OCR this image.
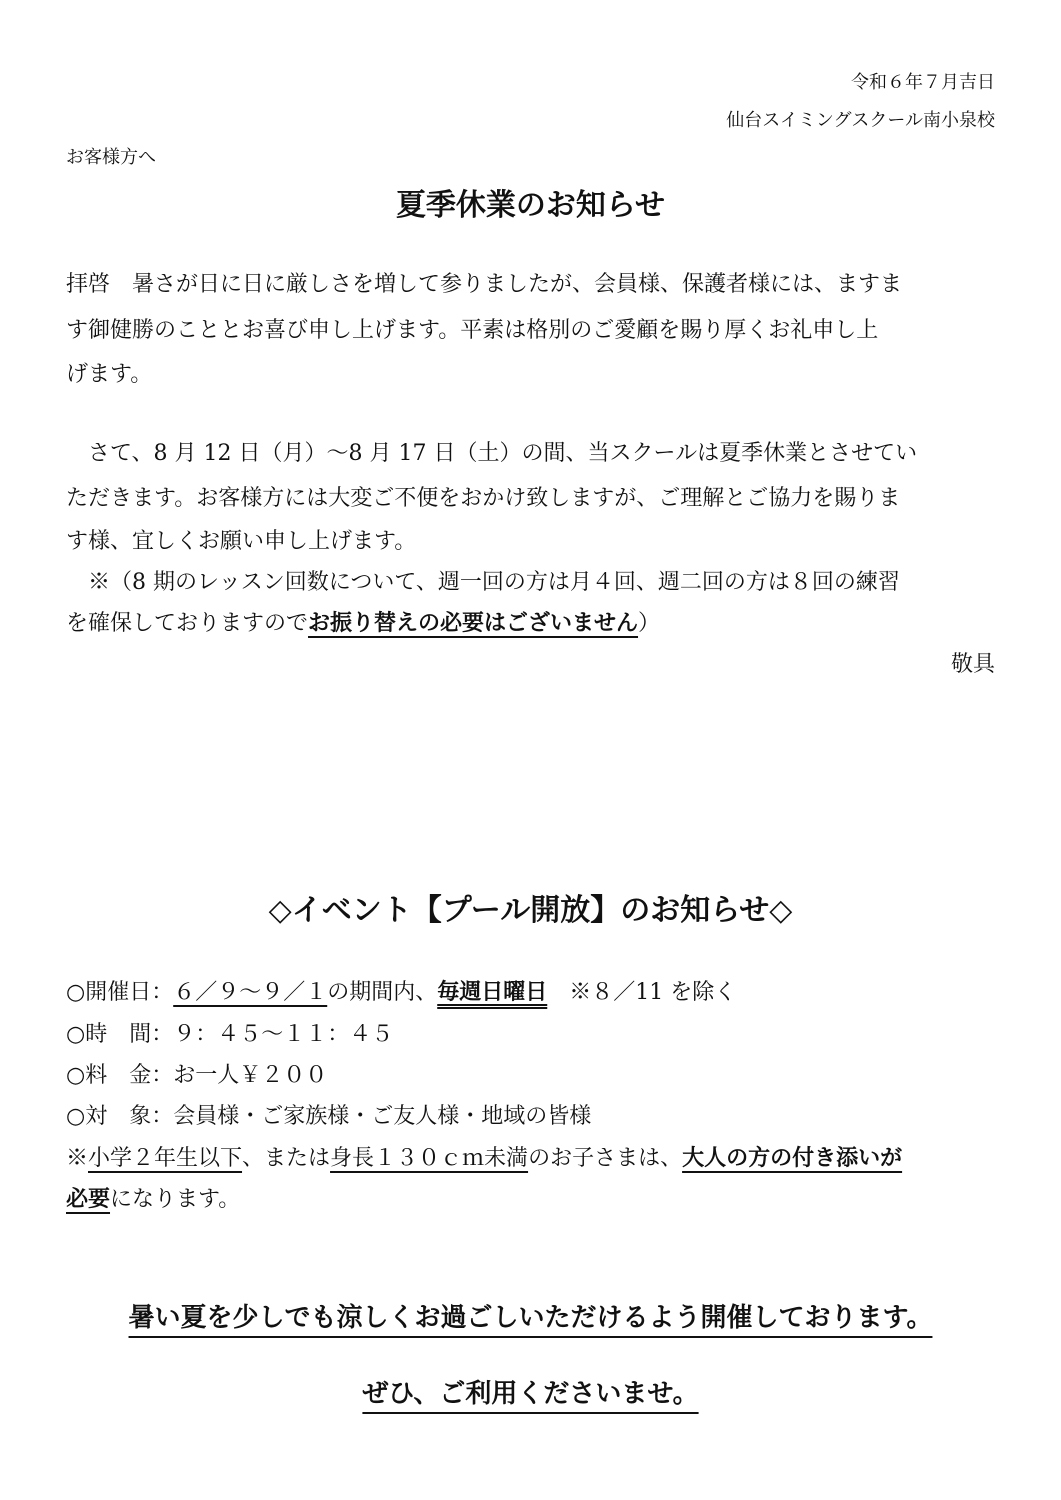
令和６年７月吉日
仙台スイミングスクール南小泉校
お客様方へ
夏季休業のお知らせ
拝啓　暑さが日に日に厳しさを増して参りましたが、会員様、保護者様には、ますま
す御健勝のこととお喜び申し上げます。平素は格別のご愛顧を賜り厚くお礼申し上
げます。
　さて、8 月 12 日（月）～8 月 17 日（土）の間、当スクールは夏季休業とさせてい
ただきます。お客様方には大変ご不便をおかけ致しますが、ご理解とご協力を賜りま
す様、宜しくお願い申し上げます。
　※（8 期のレッスン回数について、週一回の方は月４回、週二回の方は８回の練習
を確保しておりますのでお振り替えの必要はございません）
敬具
◇イベント【プール開放】のお知らせ◇
○開催日：６／９～９／１の期間内、毎週日曜日　※８／11 を除く
○時　間：９：４５～１１：４５
○料　金：お一人￥２００
○対　象：会員様・ご家族様・ご友人様・地域の皆様
※小学２年生以下、または身長１３０ｃｍ未満のお子さまは、大人の方の付き添いが
必要になります。
暑い夏を少しでも涼しくお過ごしいただけるよう開催しております。
ぜひ、ご利用くださいませ。
